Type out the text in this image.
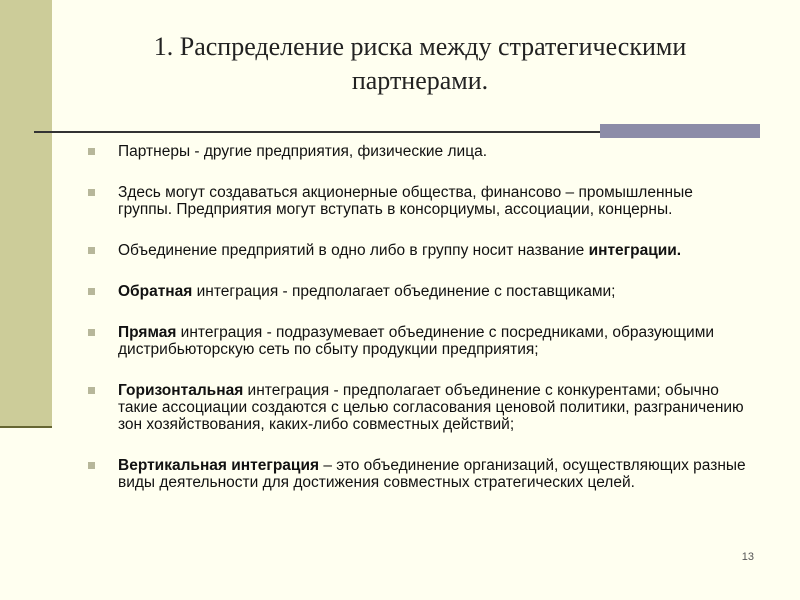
1. Распределение риска между стратегическими
партнерами.
Партнеры - другие предприятия, физические лица.
Здесь могут создаваться акционерные общества, финансово – промышленные группы. Предприятия могут вступать в консорциумы, ассоциации, концерны.
Объединение предприятий в одно либо в группу носит название интеграции.
Обратная интеграция - предполагает объединение с поставщиками;
Прямая интеграция - подразумевает объединение с посредниками, образующими дистрибьюторскую сеть по сбыту продукции предприятия;
Горизонтальная интеграция - предполагает объединение с конкурентами; обычно такие ассоциации создаются с целью согласования ценовой политики, разграничению зон хозяйствования, каких-либо совместных действий;
Вертикальная интеграция – это объединение организаций, осуществляющих разные виды деятельности для достижения совместных стратегических целей.
13
